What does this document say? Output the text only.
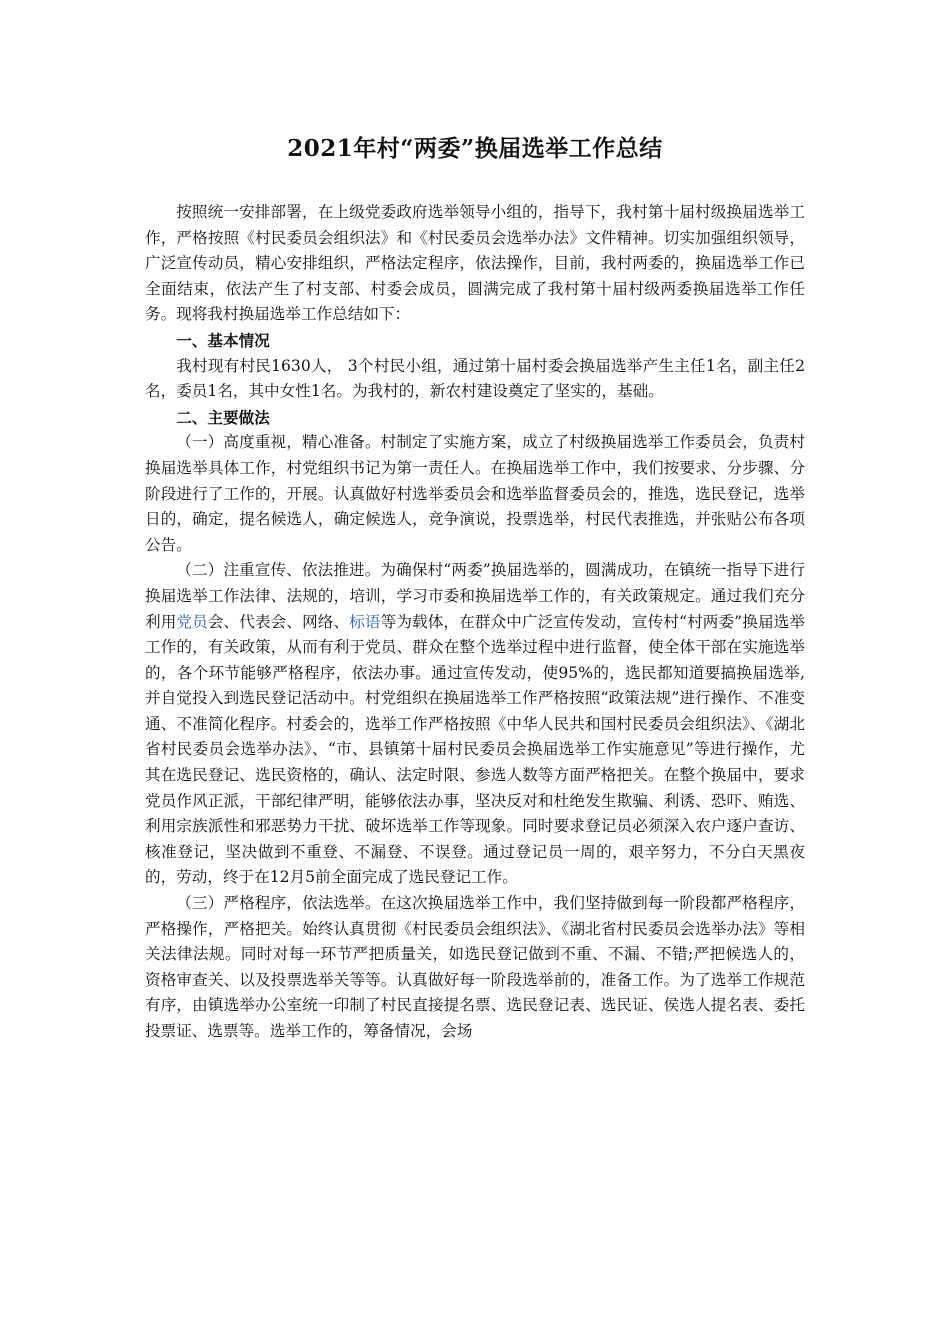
2021年村“两委”换届选举工作总结

按照统一安排部署，在上级党委政府选举领导小组的，指导下，我村第十届村级换届选举工作，严格按照《村民委员会组织法》和《村民委员会选举办法》文件精神。切实加强组织领导，广泛宣传动员，精心安排组织，严格法定程序，依法操作，目前，我村两委的，换届选举工作已全面结束，依法产生了村支部、村委会成员，圆满完成了我村第十届村级两委换届选举工作任务。现将我村换届选举工作总结如下：

一、基本情况

我村现有村民1630人， 3个村民小组，通过第十届村委会换届选举产生主任1名，副主任2名，委员1名，其中女性1名。为我村的，新农村建设奠定了坚实的，基础。

二、主要做法

（一）高度重视，精心准备。村制定了实施方案，成立了村级换届选举工作委员会，负责村换届选举具体工作，村党组织书记为第一责任人。在换届选举工作中，我们按要求、分步骤、分阶段进行了工作的，开展。认真做好村选举委员会和选举监督委员会的，推选，选民登记，选举日的，确定，提名候选人，确定候选人，竞争演说，投票选举，村民代表推选，并张贴公布各项公告。

（二）注重宣传、依法推进。为确保村“两委”换届选举的，圆满成功，在镇统一指导下进行换届选举工作法律、法规的，培训，学习市委和换届选举工作的，有关政策规定。通过我们充分利用党员会、代表会、网络、标语等为载体，在群众中广泛宣传发动，宣传村“村两委”换届选举工作的，有关政策，从而有利于党员、群众在整个选举过程中进行监督，使全体干部在实施选举的，各个环节能够严格程序，依法办事。通过宣传发动，使95%的，选民都知道要搞换届选举,并自觉投入到选民登记活动中。村党组织在换届选举工作严格按照“政策法规”进行操作、不准变通、不准简化程序。村委会的，选举工作严格按照《中华人民共和国村民委员会组织法》、《湖北省村民委员会选举办法》、“市、县镇第十届村民委员会换届选举工作实施意见”等进行操作，尤其在选民登记、选民资格的，确认、法定时限、参选人数等方面严格把关。在整个换届中，要求党员作风正派，干部纪律严明，能够依法办事，坚决反对和杜绝发生欺骗、利诱、恐吓、贿选、利用宗族派性和邪恶势力干扰、破坏选举工作等现象。同时要求登记员必须深入农户逐户查访、核准登记，坚决做到不重登、不漏登、不误登。通过登记员一周的，艰辛努力，不分白天黑夜的，劳动，终于在12月5前全面完成了选民登记工作。

（三）严格程序，依法选举。在这次换届选举工作中，我们坚持做到每一阶段都严格程序，严格操作，严格把关。始终认真贯彻《村民委员会组织法》、《湖北省村民委员会选举办法》等相关法律法规。同时对每一环节严把质量关，如选民登记做到不重、不漏、不错;严把候选人的，资格审查关、以及投票选举关等等。认真做好每一阶段选举前的，准备工作。为了选举工作规范有序，由镇选举办公室统一印制了村民直接提名票、选民登记表、选民证、侯选人提名表、委托投票证、选票等。选举工作的，筹备情况，会场
